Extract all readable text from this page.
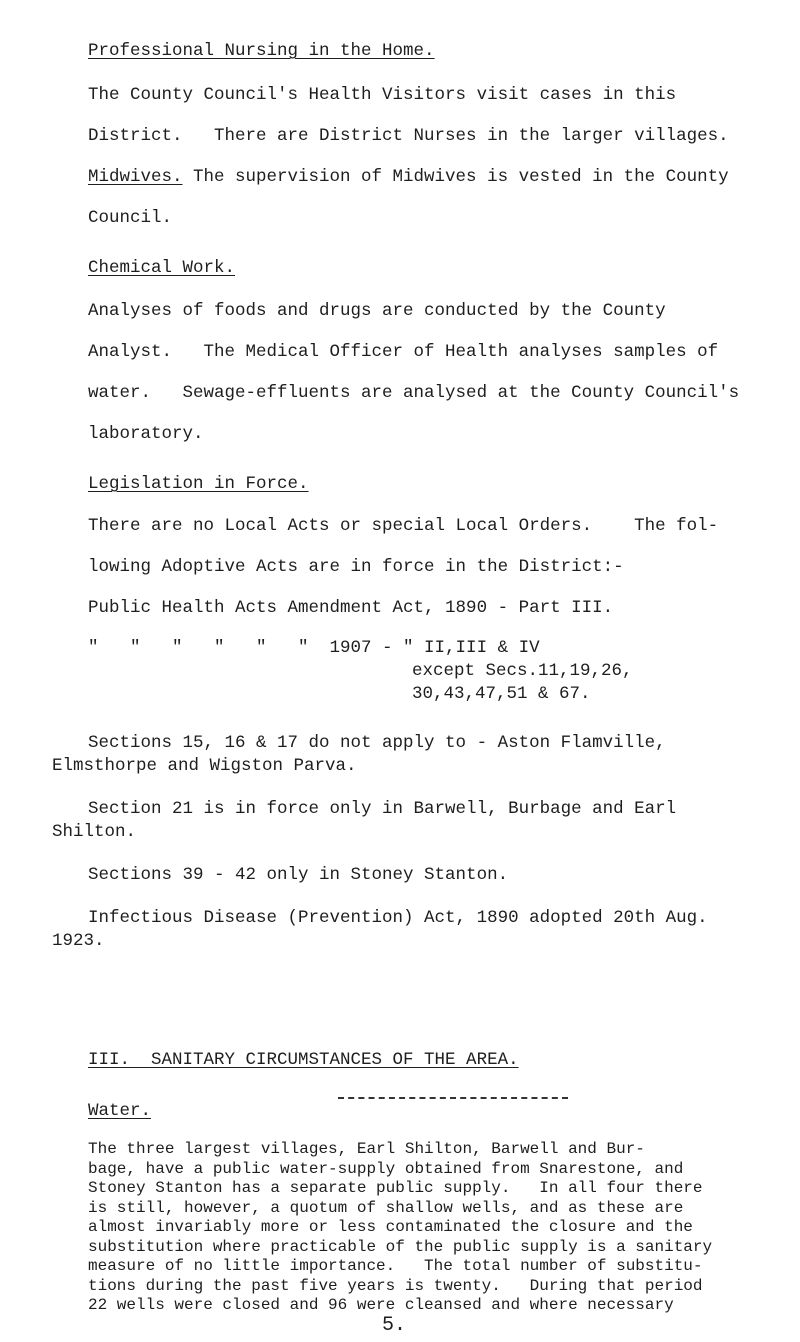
Professional Nursing in the Home.
The County Council's Health Visitors visit cases in this
District.   There are District Nurses in the larger villages.
Midwives. The supervision of Midwives is vested in the County
Council.
Chemical Work.
Analyses of foods and drugs are conducted by the County
Analyst.   The Medical Officer of Health analyses samples of
water.   Sewage-effluents are analysed at the County Council's
laboratory.
Legislation in Force.
There are no Local Acts or special Local Orders.    The fol-
lowing Adoptive Acts are in force in the District:-
Public Health Acts Amendment Act, 1890 - Part III.
"   "   "   "   "   "  1907 - " II,III & IV
except Secs.11,19,26,
30,43,47,51 & 67.
Sections 15, 16 & 17 do not apply to - Aston Flamville,
Elmsthorpe and Wigston Parva.
Section 21 is in force only in Barwell, Burbage and Earl
Shilton.
Sections 39 - 42 only in Stoney Stanton.
Infectious Disease (Prevention) Act, 1890 adopted 20th Aug.
1923.
III.  SANITARY CIRCUMSTANCES OF THE AREA.
Water.
The three largest villages, Earl Shilton, Barwell and Bur-
bage, have a public water-supply obtained from Snarestone, and
Stoney Stanton has a separate public supply.   In all four there
is still, however, a quotum of shallow wells, and as these are
almost invariably more or less contaminated the closure and the
5.
substitution where practicable of the public supply is a sanitary
measure of no little importance.   The total number of substitu-
tions during the past five years is twenty.   During that period
22 wells were closed and 96 were cleansed and where necessary
